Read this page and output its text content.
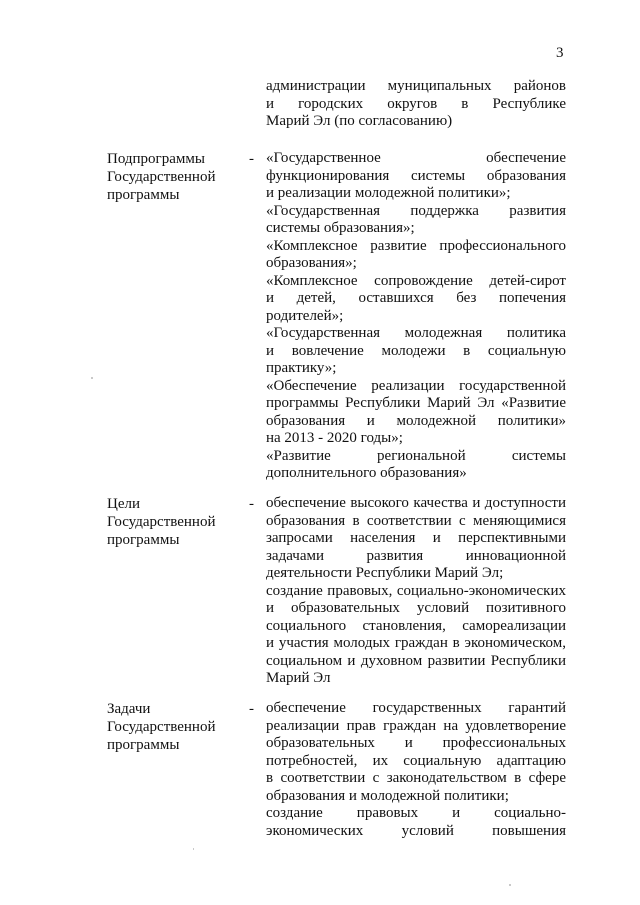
3
администрации муниципальных районов
и городских округов в Республике
Марий Эл (по согласованию)
Подпрограммы
Государственной
программы
- «Государственное обеспечение
функционирования системы образования
и реализации молодежной политики»;
«Государственная поддержка развития
системы образования»;
«Комплексное развитие профессионального
образования»;
«Комплексное сопровождение детей-сирот
и детей, оставшихся без попечения
родителей»;
«Государственная молодежная политика
и вовлечение молодежи в социальную
практику»;
«Обеспечение реализации государственной
программы Республики Марий Эл «Развитие
образования и молодежной политики»
на 2013 - 2020 годы»;
«Развитие региональной системы
дополнительного образования»
Цели
Государственной
программы
- обеспечение высокого качества и доступности
образования в соответствии с меняющимися
запросами населения и перспективными
задачами развития инновационной
деятельности Республики Марий Эл;
создание правовых, социально-экономических
и образовательных условий позитивного
социального становления, самореализации
и участия молодых граждан в экономическом,
социальном и духовном развитии Республики
Марий Эл
Задачи
Государственной
программы
- обеспечение государственных гарантий
реализации прав граждан на удовлетворение
образовательных и профессиональных
потребностей, их социальную адаптацию
в соответствии с законодательством в сфере
образования и молодежной политики;
создание правовых и социально-
экономических условий повышения
